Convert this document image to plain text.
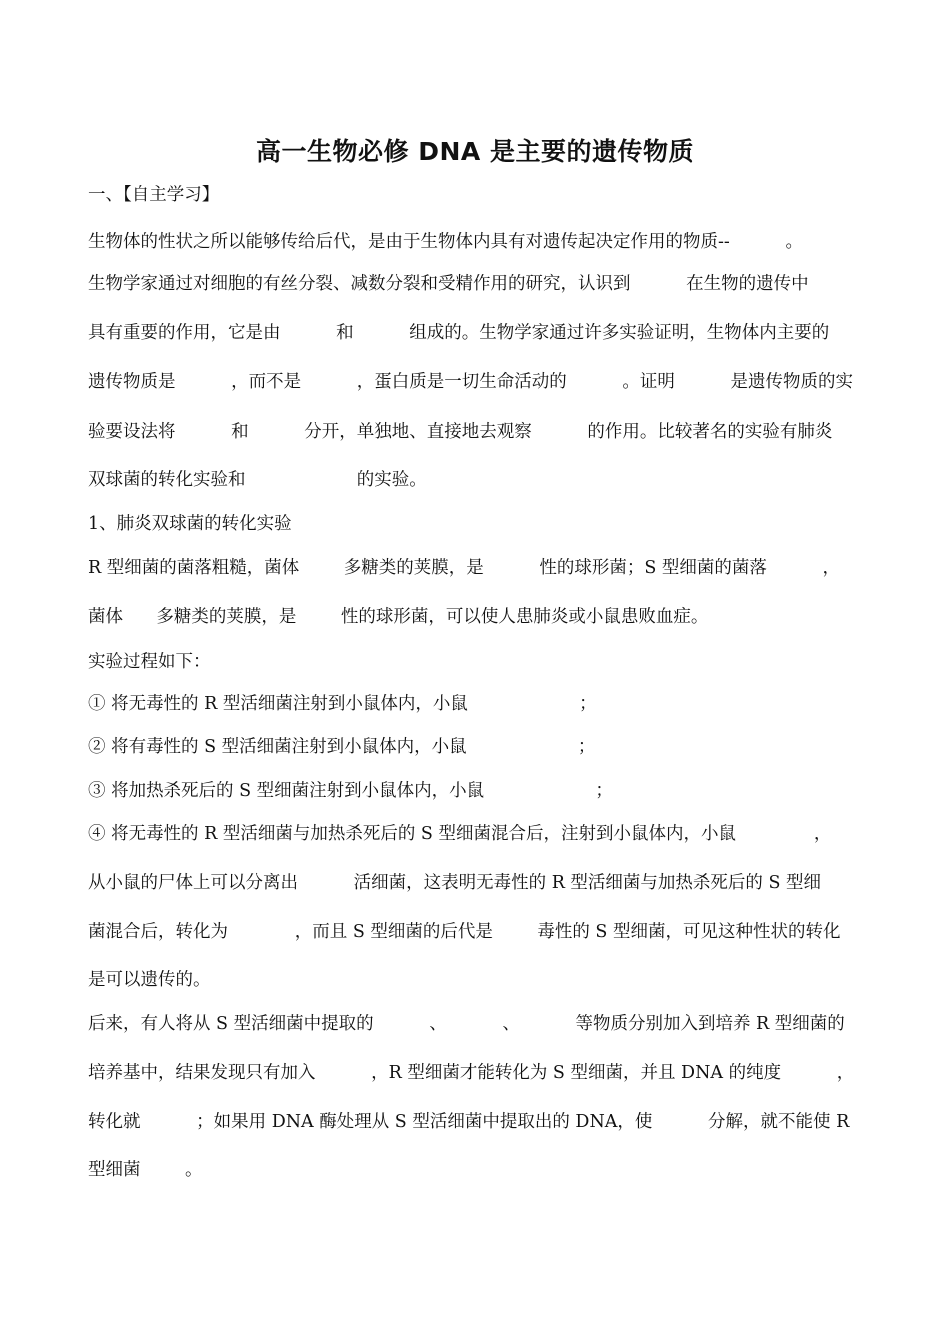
高一生物必修 DNA 是主要的遗传物质
一、【自主学习】
生物体的性状之所以能够传给后代，是由于生物体内具有对遗传起决定作用的物质--          。
生物学家通过对细胞的有丝分裂、减数分裂和受精作用的研究，认识到          在生物的遗传中
具有重要的作用，它是由          和          组成的。生物学家通过许多实验证明，生物体内主要的
遗传物质是          ，而不是          ，蛋白质是一切生命活动的          。证明          是遗传物质的实
验要设法将          和          分开，单独地、直接地去观察          的作用。比较著名的实验有肺炎
双球菌的转化实验和                    的实验。
1、肺炎双球菌的转化实验
R 型细菌的菌落粗糙，菌体        多糖类的荚膜，是          性的球形菌；S 型细菌的菌落          ，
菌体      多糖类的荚膜，是        性的球形菌，可以使人患肺炎或小鼠患败血症。
实验过程如下：
① 将无毒性的 R 型活细菌注射到小鼠体内，小鼠                    ；
② 将有毒性的 S 型活细菌注射到小鼠体内，小鼠                    ；
③ 将加热杀死后的 S 型细菌注射到小鼠体内，小鼠                    ；
④ 将无毒性的 R 型活细菌与加热杀死后的 S 型细菌混合后，注射到小鼠体内，小鼠              ，
从小鼠的尸体上可以分离出          活细菌，这表明无毒性的 R 型活细菌与加热杀死后的 S 型细
菌混合后，转化为            ，而且 S 型细菌的后代是        毒性的 S 型细菌，可见这种性状的转化
是可以遗传的。
后来，有人将从 S 型活细菌中提取的          、          、          等物质分别加入到培养 R 型细菌的
培养基中，结果发现只有加入          ，R 型细菌才能转化为 S 型细菌，并且 DNA 的纯度          ，
转化就          ；如果用 DNA 酶处理从 S 型活细菌中提取出的 DNA，使          分解，就不能使 R
型细菌        。
